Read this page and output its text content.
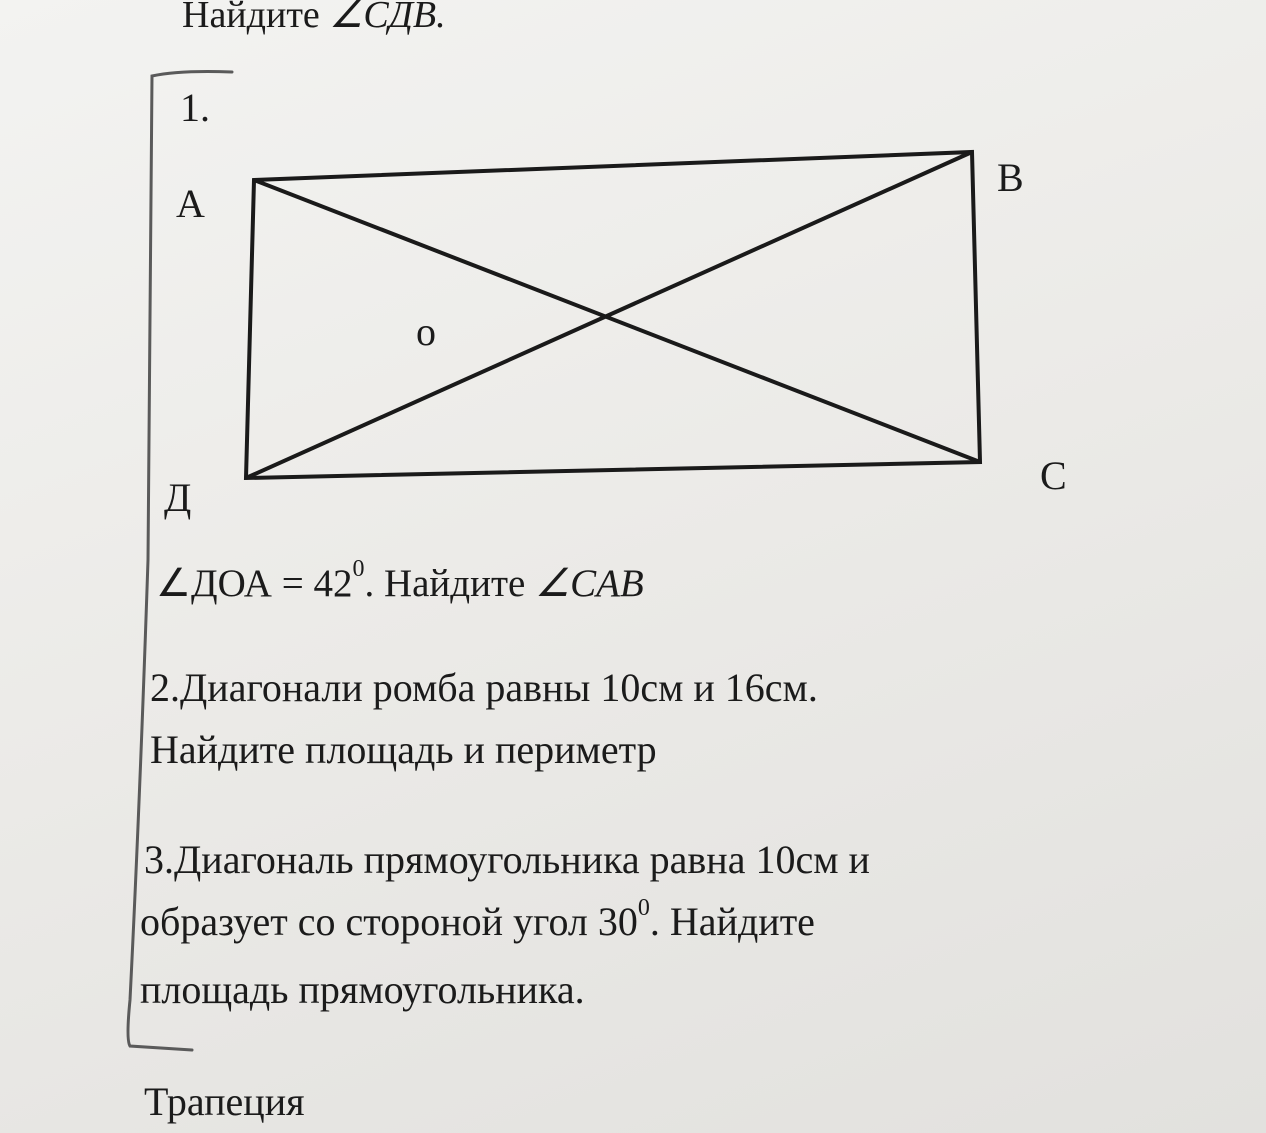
Найдите ∠СДВ.
1.
А
В
С
Д
о
∠ДОА = $42^0$. Найдите ∠CAB
2.Диагонали ромба равны 10см и 16см.
Найдите площадь и периметр
3.Диагональ прямоугольника равна 10см и
образует со стороной угол $30^0$. Найдите
площадь прямоугольника.
Трапеция
